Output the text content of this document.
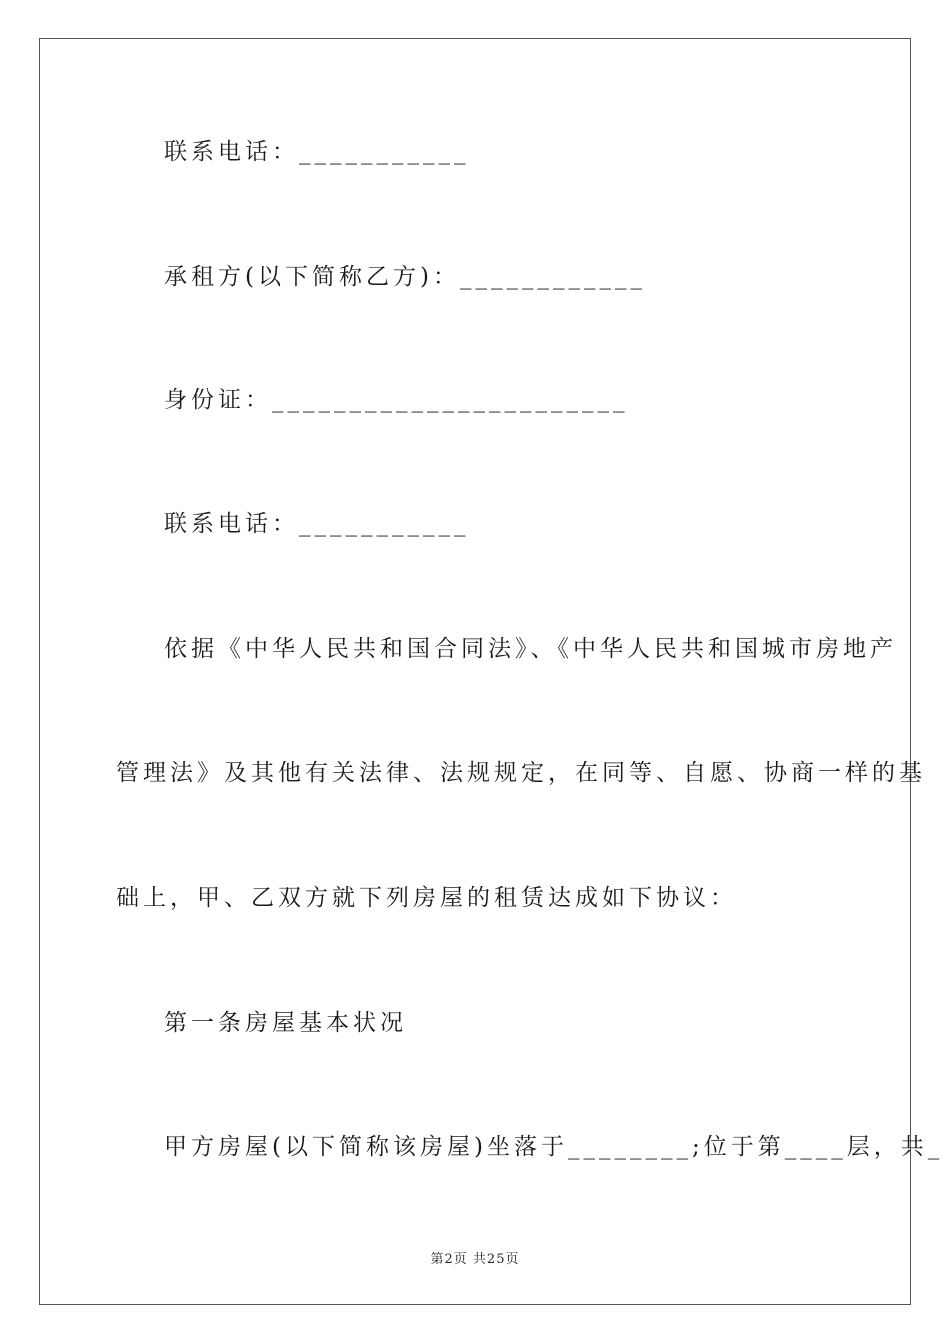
联系电话：___________
承租方(以下简称乙方)：____________
身份证：_______________________
联系电话：___________
依据《中华人民共和国合同法》、《中华人民共和国城市房地产
管理法》及其他有关法律、法规规定，在同等、自愿、协商一样的基
础上，甲、乙双方就下列房屋的租赁达成如下协议：
第一条房屋基本状况
甲方房屋(以下简称该房屋)坐落于________;位于第____层，共_
第2页 共25页
